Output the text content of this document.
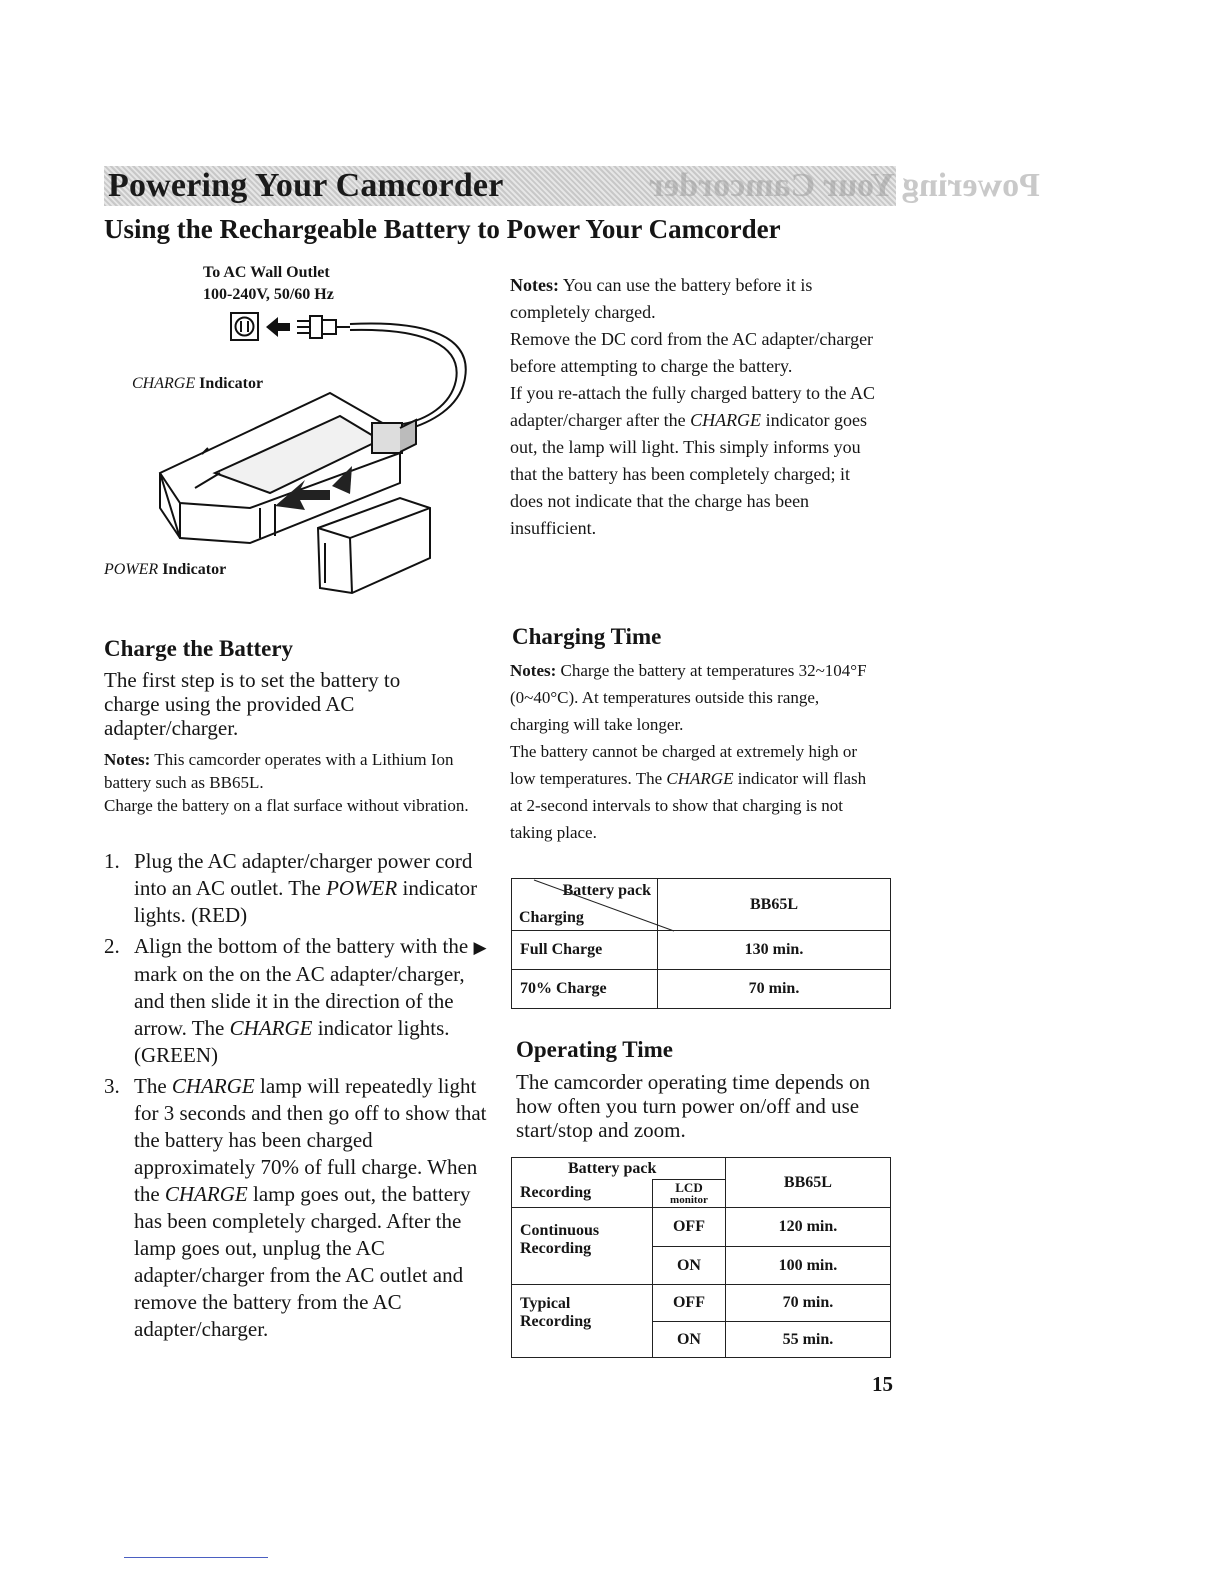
Powering Your Camcorder	Powering Your Camcorder
Using the Rechargeable Battery to Power Your Camcorder
To AC Wall Outlet
100-240V, 50/60 Hz
CHARGE Indicator
POWER Indicator

Notes: You can use the battery before it is completely charged.

Remove the DC cord from the AC adapter/charger before attempting to charge the battery.

If you re-attach the fully charged battery to the AC adapter/charger after the CHARGE indicator goes out, the lamp will light. This simply informs you that the battery has been completely charged; it does not indicate that the charge has been insufficient.

Charge the Battery
The first step is to set the battery to charge using the provided AC adapter/charger.
Notes: This camcorder operates with a Lithium Ion battery such as BB65L.
Charge the battery on a flat surface without vibration.
1. Plug the AC adapter/charger power cord into an AC outlet. The POWER indicator lights. (RED)
2. Align the bottom of the battery with the ▶ mark on the on the AC adapter/charger, and then slide it in the direction of the arrow. The CHARGE indicator lights. (GREEN)
3. The CHARGE lamp will repeatedly light for 3 seconds and then go off to show that the battery has been charged approximately 70% of full charge. When the CHARGE lamp goes out, the battery has been completely charged. After the lamp goes out, unplug the AC adapter/charger from the AC outlet and remove the battery from the AC adapter/charger.
Charging Time

Notes: Charge the battery at temperatures 32~104°F (0~40°C). At temperatures outside this range, charging will take longer.

The battery cannot be charged at extremely high or low temperatures. The CHARGE indicator will flash at 2-second intervals to show that charging is not taking place.

Battery pack
Charging	BB65L
Full Charge	130 min.
70% Charge	70 min.
Operating Time
The camcorder operating time depends on how often you turn power on/off and use start/stop and zoom.
Battery pack		BB65L
Recording	LCD
monitor	

Continuous
Recording	OFF	120 min.
	ON	100 min.

Typical
Recording	OFF	70 min.
	ON	55 min.
15
